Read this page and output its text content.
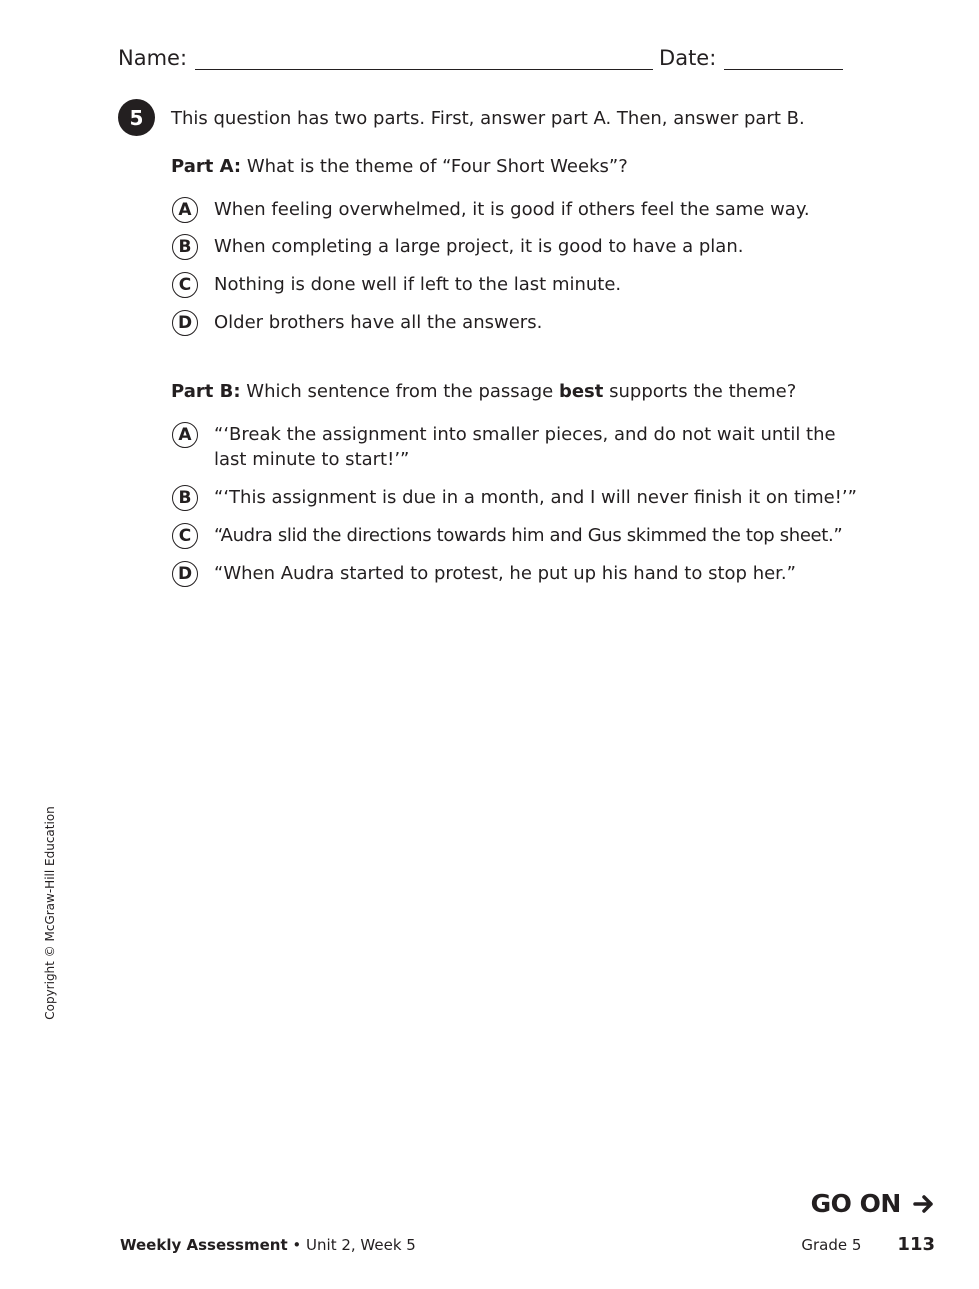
Name:	Date:
5	This question has two parts. First, answer part A. Then, answer part B.
Part A: What is the theme of “Four Short Weeks”?
A	When feeling overwhelmed, it is good if others feel the same way.
B	When completing a large project, it is good to have a plan.
C	Nothing is done well if left to the last minute.
D	Older brothers have all the answers.
Part B: Which sentence from the passage best supports the theme?
A	“‘Break the assignment into smaller pieces, and do not wait until the
last minute to start!’”
B	“‘This assignment is due in a month, and I will never finish it on time!’”
C	“Audra slid the directions towards him and Gus skimmed the top sheet.”
D	“When Audra started to protest, he put up his hand to stop her.”
Copyright © McGraw-Hill Education
GO ON
Weekly Assessment • Unit 2, Week 5	Grade 5 113
